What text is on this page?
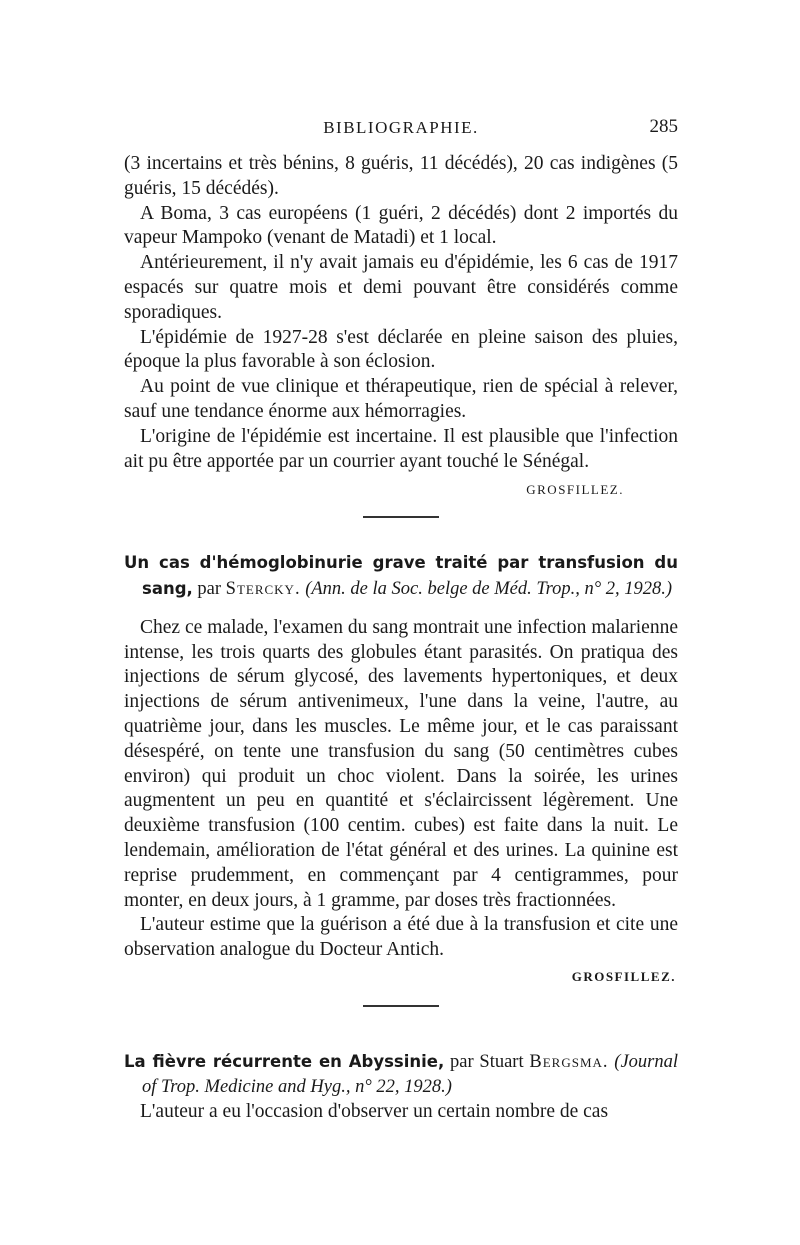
BIBLIOGRAPHIE.	285

(3 incertains et très bénins, 8 guéris, 11 décédés), 20 cas indigènes (5 guéris, 15 décédés).

A Boma, 3 cas européens (1 guéri, 2 décédés) dont 2 importés du vapeur Mampoko (venant de Matadi) et 1 local.

Antérieurement, il n'y avait jamais eu d'épidémie, les 6 cas de 1917 espacés sur quatre mois et demi pouvant être considérés comme sporadiques.

L'épidémie de 1927-28 s'est déclarée en pleine saison des pluies, époque la plus favorable à son éclosion.

Au point de vue clinique et thérapeutique, rien de spécial à relever, sauf une tendance énorme aux hémorragies.

L'origine de l'épidémie est incertaine. Il est plausible que l'infection ait pu être apportée par un courrier ayant touché le Sénégal.

GROSFILLEZ.
Un cas d'hémoglobinurie grave traité par transfusion du sang, par Stercky. (Ann. de la Soc. belge de Méd. Trop., n° 2, 1928.)

Chez ce malade, l'examen du sang montrait une infection malarienne intense, les trois quarts des globules étant parasités. On pratiqua des injections de sérum glycosé, des lavements hypertoniques, et deux injections de sérum antivenimeux, l'une dans la veine, l'autre, au quatrième jour, dans les muscles. Le même jour, et le cas paraissant désespéré, on tente une transfusion du sang (50 centimètres cubes environ) qui produit un choc violent. Dans la soirée, les urines augmentent un peu en quantité et s'éclaircissent légèrement. Une deuxième transfusion (100 centim. cubes) est faite dans la nuit. Le lendemain, amélioration de l'état général et des urines. La quinine est reprise prudemment, en commençant par 4 centigrammes, pour monter, en deux jours, à 1 gramme, par doses très fractionnées.

L'auteur estime que la guérison a été due à la transfusion et cite une observation analogue du Docteur Antich.

GROSFILLEZ.
La fièvre récurrente en Abyssinie, par Stuart Bergsma. (Journal of Trop. Medicine and Hyg., n° 22, 1928.)

L'auteur a eu l'occasion d'observer un certain nombre de cas
